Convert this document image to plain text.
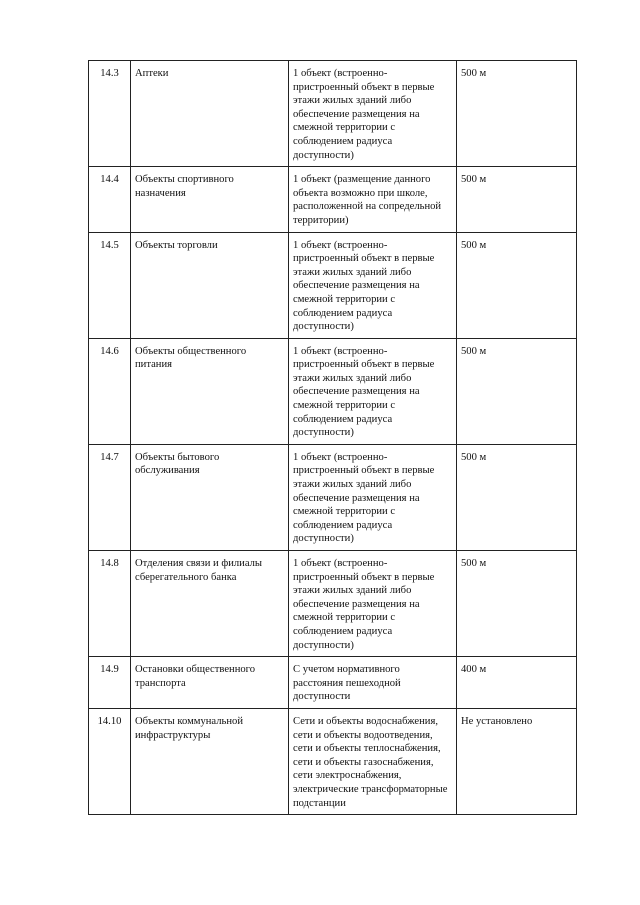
14.3	Аптеки	1 объект (встроенно-пристроенный объект в первые этажи жилых зданий либо обеспечение размещения на смежной территории с соблюдением радиуса доступности)	500 м
14.4	Объекты спортивного назначения	1 объект (размещение данного объекта возможно при школе, расположенной на сопредельной территории)	500 м
14.5	Объекты торговли	1 объект (встроенно-пристроенный объект в первые этажи жилых зданий либо обеспечение размещения на смежной территории с соблюдением радиуса доступности)	500 м
14.6	Объекты общественного питания	1 объект (встроенно-пристроенный объект в первые этажи жилых зданий либо обеспечение размещения на смежной территории с соблюдением радиуса доступности)	500 м
14.7	Объекты бытового обслуживания	1 объект (встроенно-пристроенный объект в первые этажи жилых зданий либо обеспечение размещения на смежной территории с соблюдением радиуса доступности)	500 м
14.8	Отделения связи и филиалы сберегательного банка	1 объект (встроенно-пристроенный объект в первые этажи жилых зданий либо обеспечение размещения на смежной территории с соблюдением радиуса доступности)	500 м
14.9	Остановки общественного транспорта	С учетом нормативного расстояния пешеходной доступности	400 м
14.10	Объекты коммунальной инфраструктуры	Сети и объекты водоснабжения, сети и объекты водоотведения, сети и объекты теплоснабжения, сети и объекты газоснабжения, сети электроснабжения, электрические трансформаторные подстанции	Не установлено
